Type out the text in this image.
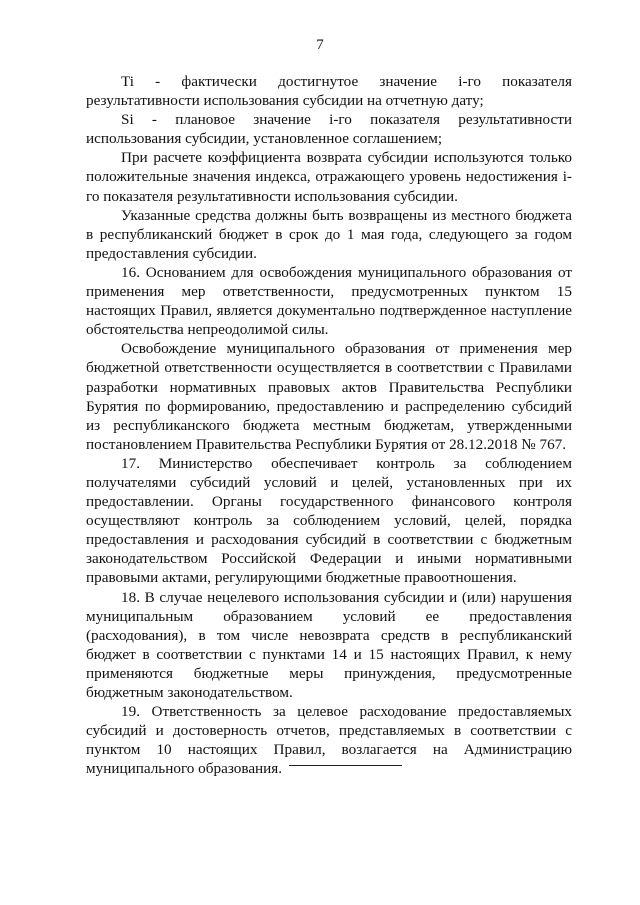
7

Ti - фактически достигнутое значение i-го показателя результативности использования субсидии на отчетную дату;

Si - плановое значение i-го показателя результативности использования субсидии, установленное соглашением;

При расчете коэффициента возврата субсидии используются только положительные значения индекса, отражающего уровень недостижения i-го показателя результативности использования субсидии.

Указанные средства должны быть возвращены из местного бюджета в республиканский бюджет в срок до 1 мая года, следующего за годом предоставления субсидии.

16. Основанием для освобождения муниципального образования от применения мер ответственности, предусмотренных пунктом 15 настоящих Правил, является документально подтвержденное наступление обстоятельства непреодолимой силы.

Освобождение муниципального образования от применения мер бюджетной ответственности осуществляется в соответствии с Правилами разработки нормативных правовых актов Правительства Республики Бурятия по формированию, предоставлению и распределению субсидий из республиканского бюджета местным бюджетам, утвержденными постановлением Правительства Республики Бурятия от 28.12.2018 № 767.

17. Министерство обеспечивает контроль за соблюдением получателями субсидий условий и целей, установленных при их предоставлении. Органы государственного финансового контроля осуществляют контроль за соблюдением условий, целей, порядка предоставления и расходования субсидий в соответствии с бюджетным законодательством Российской Федерации и иными нормативными правовыми актами, регулирующими бюджетные правоотношения.

18. В случае нецелевого использования субсидии и (или) нарушения муниципальным образованием условий ее предоставления (расходования), в том числе невозврата средств в республиканский бюджет в соответствии с пунктами 14 и 15 настоящих Правил, к нему применяются бюджетные меры принуждения, предусмотренные бюджетным законодательством.

19. Ответственность за целевое расходование предоставляемых субсидий и достоверность отчетов, представляемых в соответствии с пунктом 10 настоящих Правил, возлагается на Администрацию муниципального образования.
